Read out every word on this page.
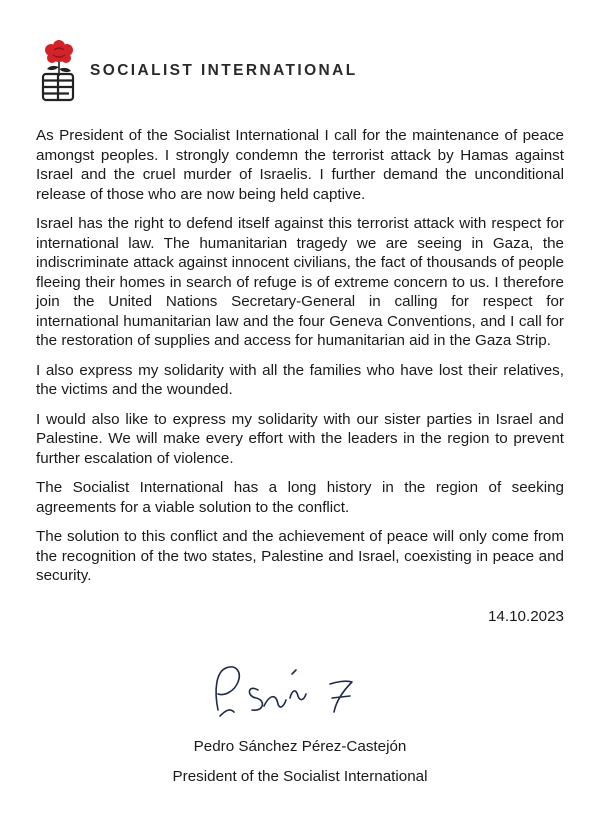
SOCIALIST INTERNATIONAL

As President of the Socialist International I call for the maintenance of peace amongst peoples. I strongly condemn the terrorist attack by Hamas against Israel and the cruel murder of Israelis. I further demand the unconditional release of those who are now being held captive.

Israel has the right to defend itself against this terrorist attack with respect for international law. The humanitarian tragedy we are seeing in Gaza, the indiscriminate attack against innocent civilians, the fact of thousands of people fleeing their homes in search of refuge is of extreme concern to us. I therefore join the United Nations Secretary-General in calling for respect for international humanitarian law and the four Geneva Conventions, and I call for the restoration of supplies and access for humanitarian aid in the Gaza Strip.

I also express my solidarity with all the families who have lost their relatives, the victims and the wounded.

I would also like to express my solidarity with our sister parties in Israel and Palestine. We will make every effort with the leaders in the region to prevent further escalation of violence.

The Socialist International has a long history in the region of seeking agreements for a viable solution to the conflict.

The solution to this conflict and the achievement of peace will only come from the recognition of the two states, Palestine and Israel, coexisting in peace and security.

14.10.2023
Pedro Sánchez Pérez-Castejón
President of the Socialist International
